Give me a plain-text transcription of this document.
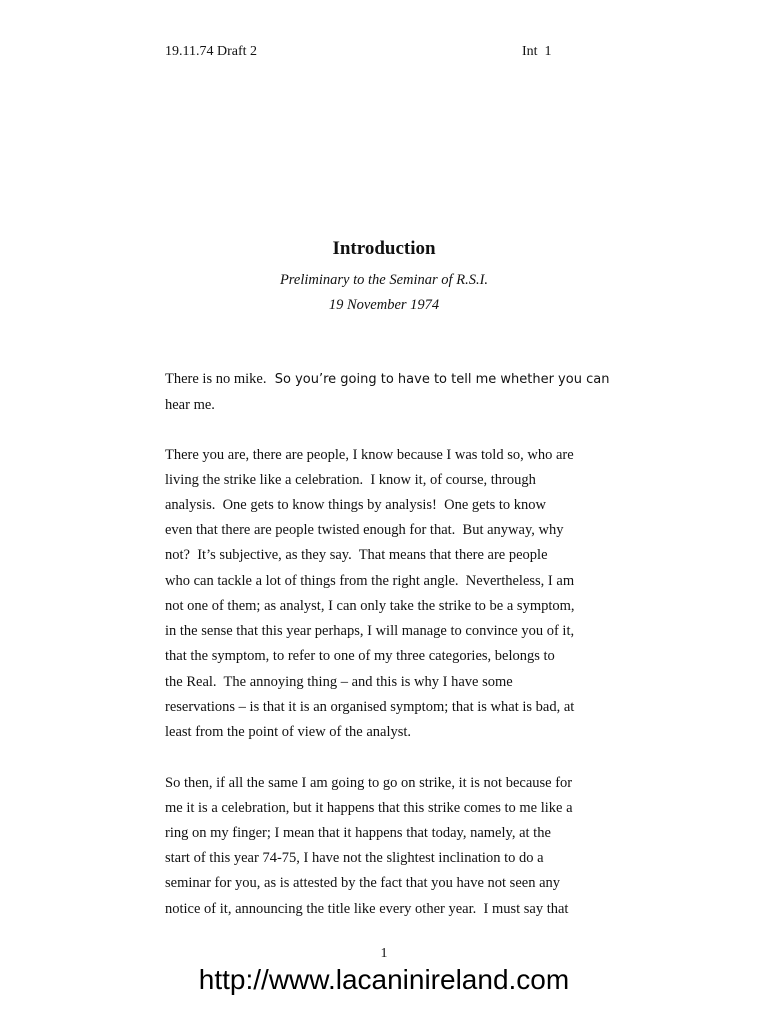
19.11.74 Draft 2	Int  1
Introduction
Preliminary to the Seminar of R.S.I.
19 November 1974
There is no mike.  So you’re going to have to tell me whether you can
hear me.
There you are, there are people, I know because I was told so, who are
living the strike like a celebration.  I know it, of course, through
analysis.  One gets to know things by analysis!  One gets to know
even that there are people twisted enough for that.  But anyway, why
not?  It’s subjective, as they say.  That means that there are people
who can tackle a lot of things from the right angle.  Nevertheless, I am
not one of them; as analyst, I can only take the strike to be a symptom,
in the sense that this year perhaps, I will manage to convince you of it,
that the symptom, to refer to one of my three categories, belongs to
the Real.  The annoying thing – and this is why I have some
reservations – is that it is an organised symptom; that is what is bad, at
least from the point of view of the analyst.
So then, if all the same I am going to go on strike, it is not because for
me it is a celebration, but it happens that this strike comes to me like a
ring on my finger; I mean that it happens that today, namely, at the
start of this year 74-75, I have not the slightest inclination to do a
seminar for you, as is attested by the fact that you have not seen any
notice of it, announcing the title like every other year.  I must say that
1
http://www.lacaninireland.com
